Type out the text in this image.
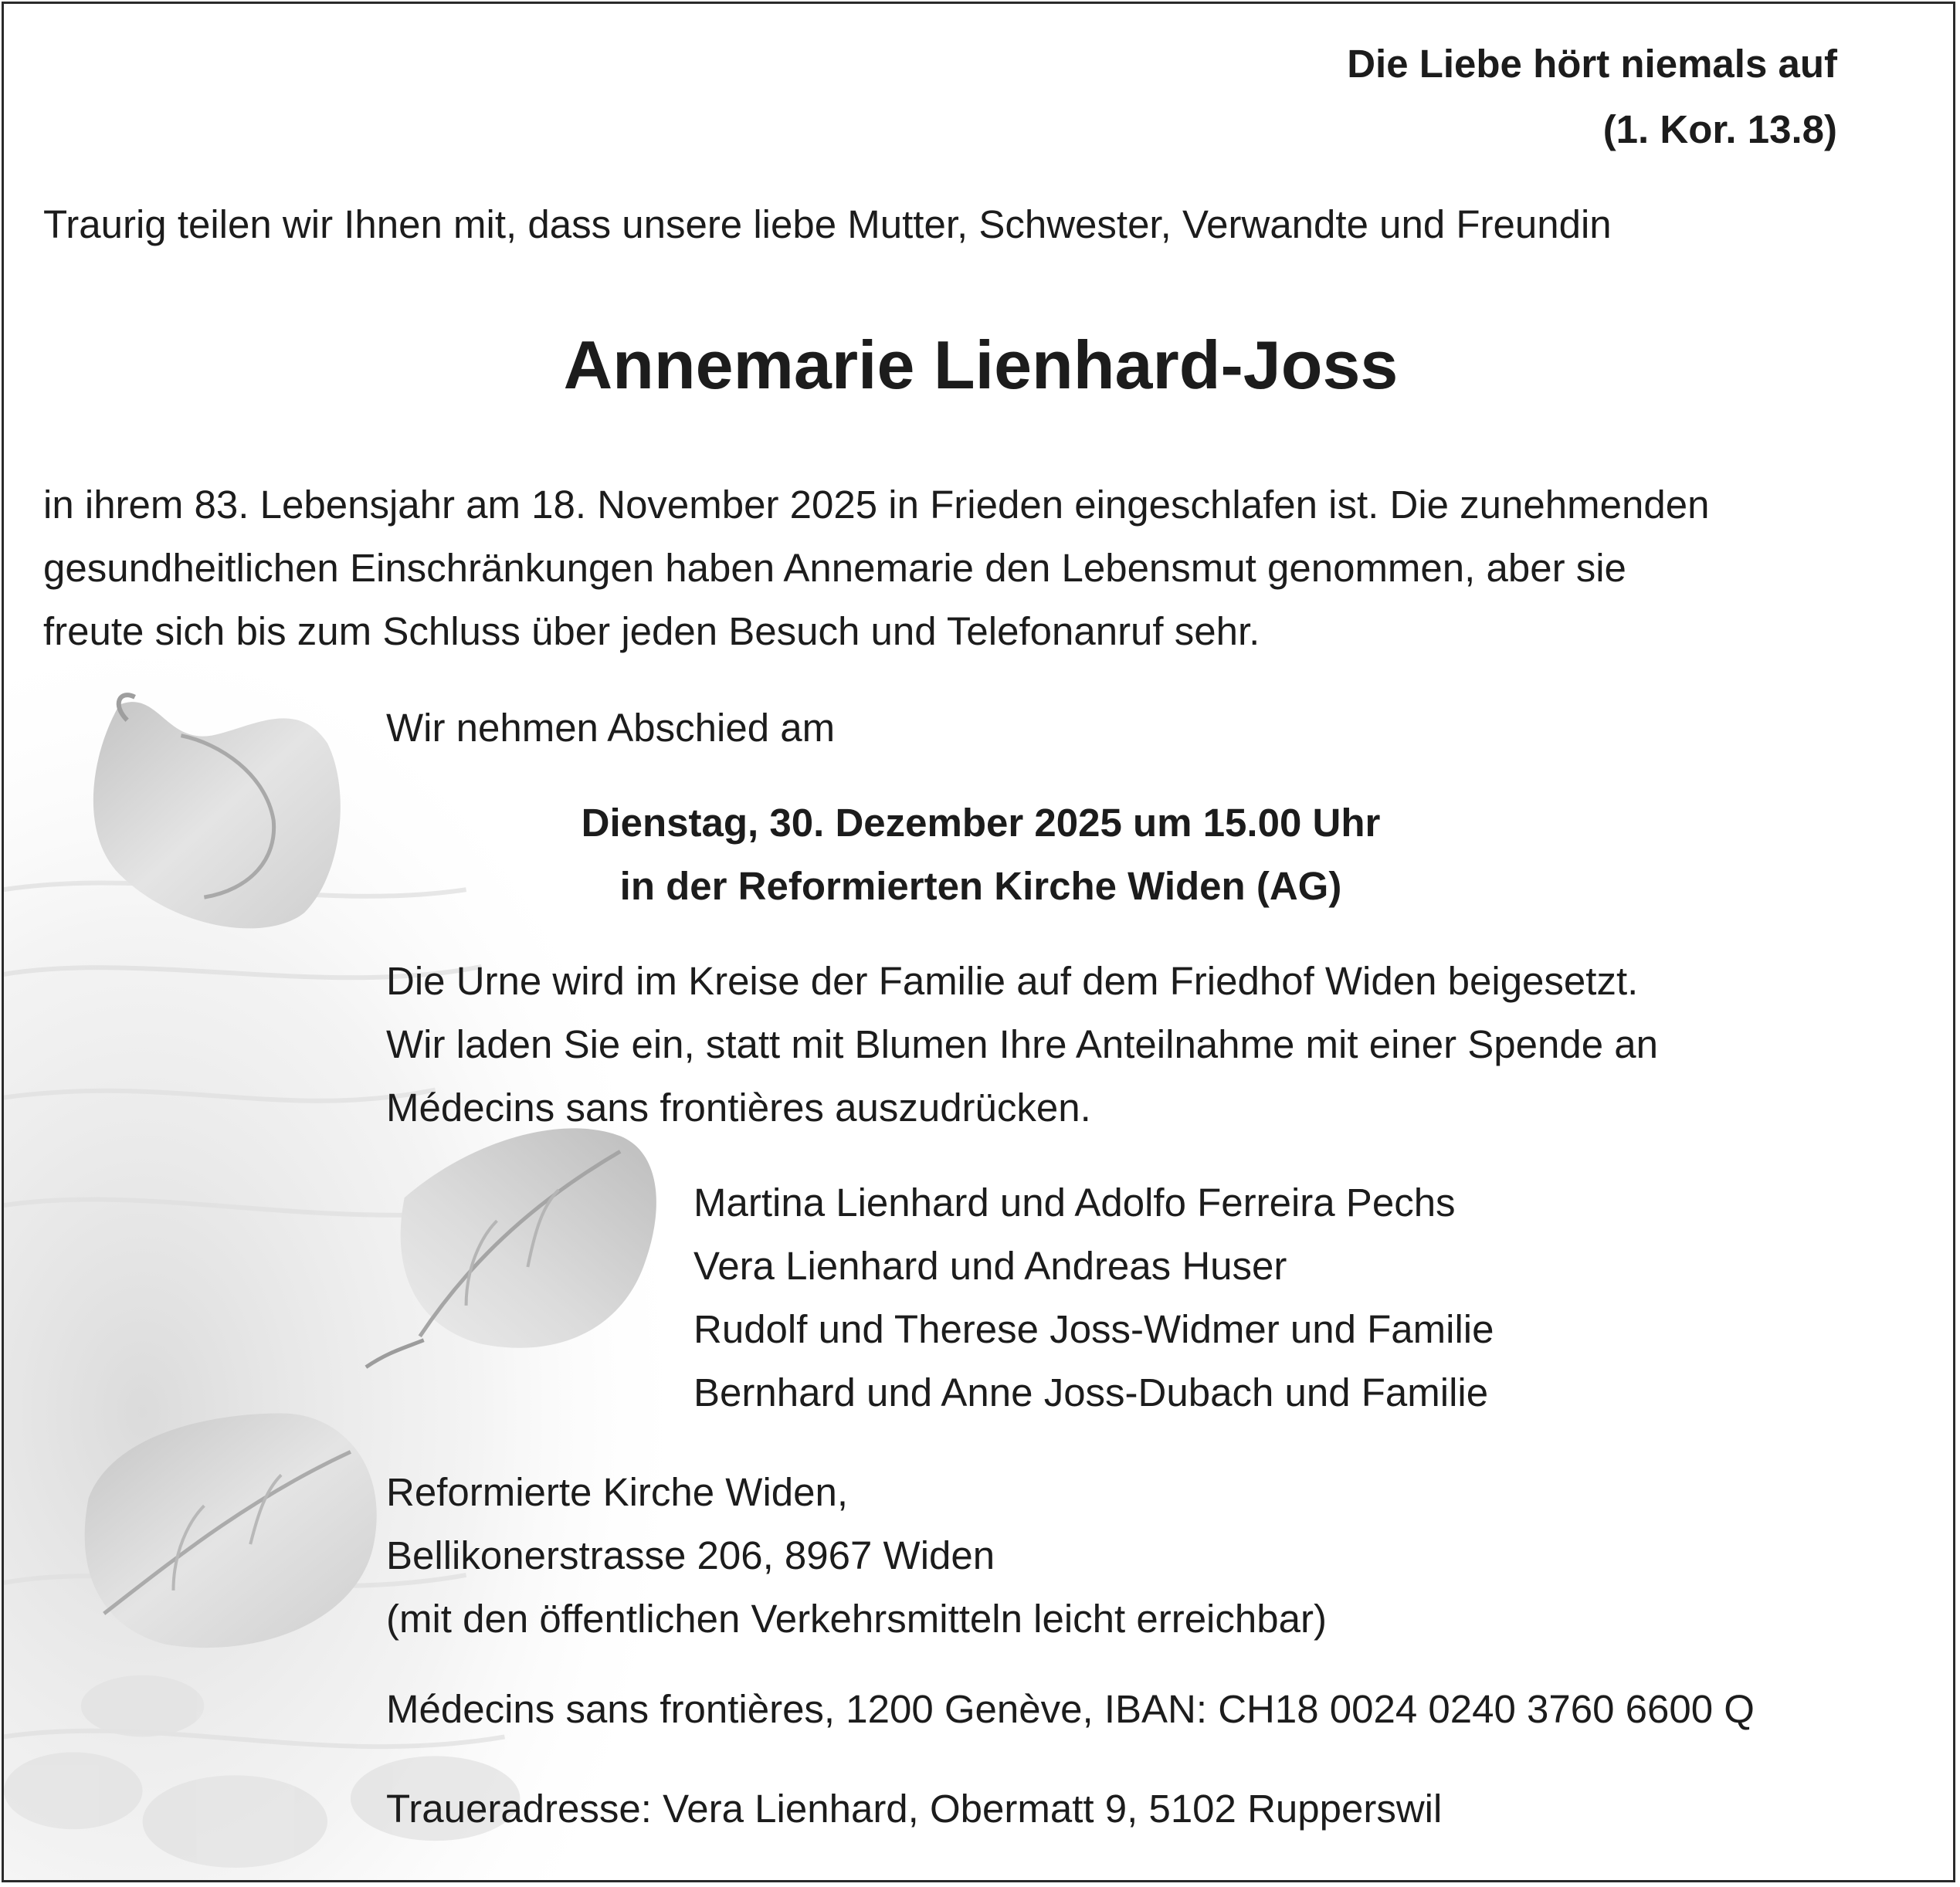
Die Liebe hört niemals auf
(1. Kor. 13.8)
Traurig teilen wir Ihnen mit, dass unsere liebe Mutter, Schwester, Verwandte und Freundin
Annemarie Lienhard-Joss
in ihrem 83. Lebensjahr am 18. November 2025 in Frieden eingeschlafen ist. Die zunehmenden
gesundheitlichen Einschränkungen haben Annemarie den Lebensmut genommen, aber sie
freute sich bis zum Schluss über jeden Besuch und Telefonanruf sehr.
Wir nehmen Abschied am
Dienstag, 30. Dezember 2025 um 15.00 Uhr
in der Reformierten Kirche Widen (AG)
Die Urne wird im Kreise der Familie auf dem Friedhof Widen beigesetzt.
Wir laden Sie ein, statt mit Blumen Ihre Anteilnahme mit einer Spende an
Médecins sans frontières auszudrücken.
Martina Lienhard und Adolfo Ferreira Pechs
Vera Lienhard und Andreas Huser
Rudolf und Therese Joss-Widmer und Familie
Bernhard und Anne Joss-Dubach und Familie
Reformierte Kirche Widen,
Bellikonerstrasse 206, 8967 Widen
(mit den öffentlichen Verkehrsmitteln leicht erreichbar)
Médecins sans frontières, 1200 Genève, IBAN: CH18 0024 0240 3760 6600 Q
Traueradresse: Vera Lienhard, Obermatt 9, 5102 Rupperswil
